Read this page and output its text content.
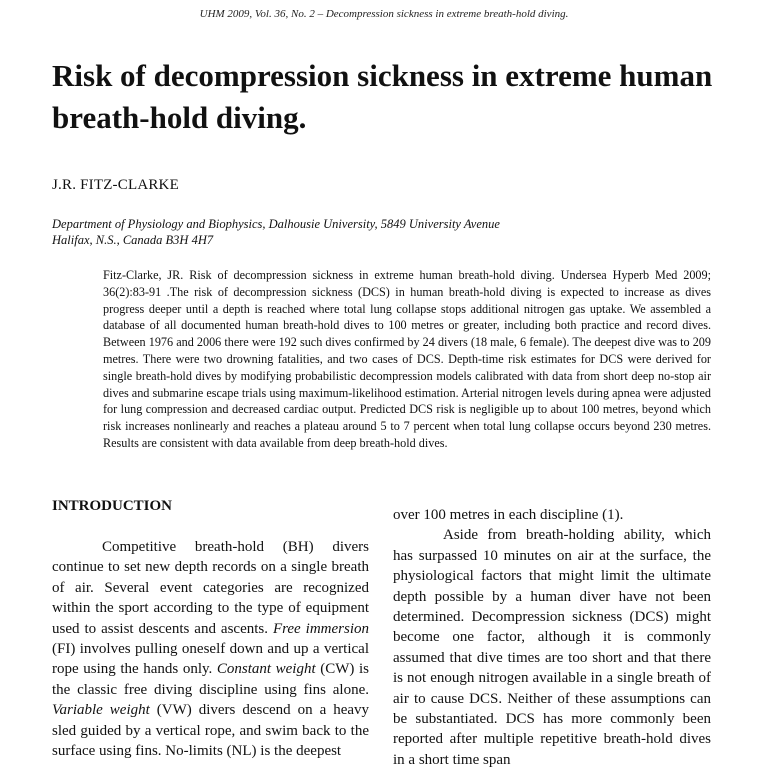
UHM 2009, Vol. 36, No. 2 – Decompression sickness in extreme breath-hold diving.
Risk of decompression sickness in extreme human breath-hold diving.
J.R. FITZ-CLARKE
Department of Physiology and Biophysics, Dalhousie University, 5849 University Avenue
Halifax, N.S., Canada B3H 4H7

Fitz-Clarke, JR. Risk of decompression sickness in extreme human breath-hold diving. Undersea Hyperb Med 2009; 36(2):83-91 .The risk of decompression sickness (DCS) in human breath-hold diving is expected to increase as dives progress deeper until a depth is reached where total lung collapse stops additional nitrogen gas uptake. We assembled a database of all documented human breath-hold dives to 100 metres or greater, including both practice and record dives. Between 1976 and 2006 there were 192 such dives confirmed by 24 divers (18 male, 6 female). The deepest dive was to 209 metres. There were two drowning fatalities, and two cases of DCS. Depth-time risk estimates for DCS were derived for single breath-hold dives by modifying probabilistic decompression models calibrated with data from short deep no-stop air dives and submarine escape trials using maximum-likelihood estimation. Arterial nitrogen levels during apnea were adjusted for lung compression and decreased cardiac output. Predicted DCS risk is negligible up to about 100 metres, beyond which risk increases nonlinearly and reaches a plateau around 5 to 7 percent when total lung collapse occurs beyond 230 metres. Results are consistent with data available from deep breath-hold dives.

INTRODUCTION

Competitive breath-hold (BH) divers continue to set new depth records on a single breath of air. Several event categories are recognized within the sport according to the type of equipment used to assist descents and ascents. Free immersion (FI) involves pulling oneself down and up a vertical rope using the hands only. Constant weight (CW) is the classic free diving discipline using fins alone. Variable weight (VW) divers descend on a heavy sled guided by a vertical rope, and swim back to the surface using fins. No-limits (NL) is the deepest

over 100 metres in each discipline (1).

Aside from breath-holding ability, which has surpassed 10 minutes on air at the surface, the physiological factors that might limit the ultimate depth possible by a human diver have not been determined. Decompression sickness (DCS) might become one factor, although it is commonly assumed that dive times are too short and that there is not enough nitrogen available in a single breath of air to cause DCS. Neither of these assumptions can be substantiated. DCS has more commonly been reported after multiple repetitive breath-hold dives in a short time span
